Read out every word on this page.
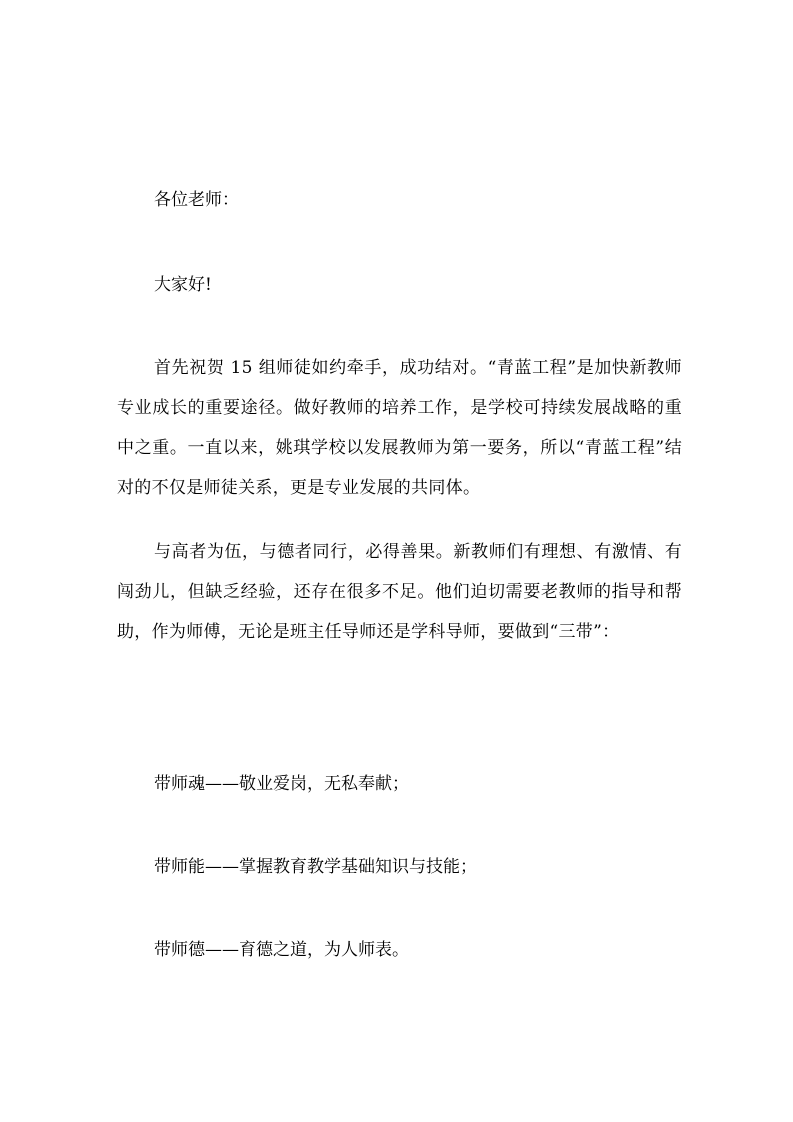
各位老师：
大家好!
首先祝贺 15 组师徒如约牵手，成功结对。“青蓝工程”是加快新教师专业成长的重要途径。做好教师的培养工作，是学校可持续发展战略的重中之重。一直以来，姚琪学校以发展教师为第一要务，所以“青蓝工程”结对的不仅是师徒关系，更是专业发展的共同体。
与高者为伍，与德者同行，必得善果。新教师们有理想、有激情、有闯劲儿，但缺乏经验，还存在很多不足。他们迫切需要老教师的指导和帮助，作为师傅，无论是班主任导师还是学科导师，要做到“三带”：
带师魂——敬业爱岗，无私奉献；
带师能——掌握教育教学基础知识与技能；
带师德——育德之道，为人师表。
